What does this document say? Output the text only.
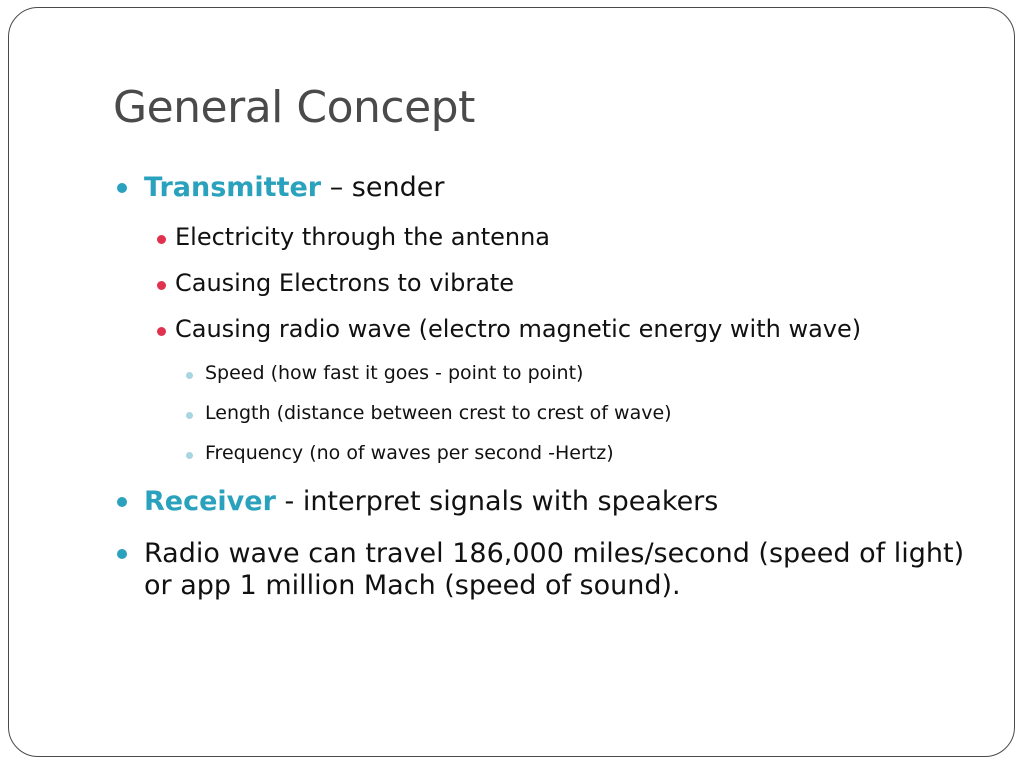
General Concept
Transmitter – sender
Electricity through the antenna
Causing Electrons to vibrate
Causing radio wave (electro magnetic energy with wave)
Speed (how fast it goes - point to point)
Length (distance between crest to crest of wave)
Frequency (no of waves per second -Hertz)
Receiver - interpret signals with speakers
Radio wave can travel 186,000 miles/second (speed of light) or app 1 million Mach (speed of sound).
